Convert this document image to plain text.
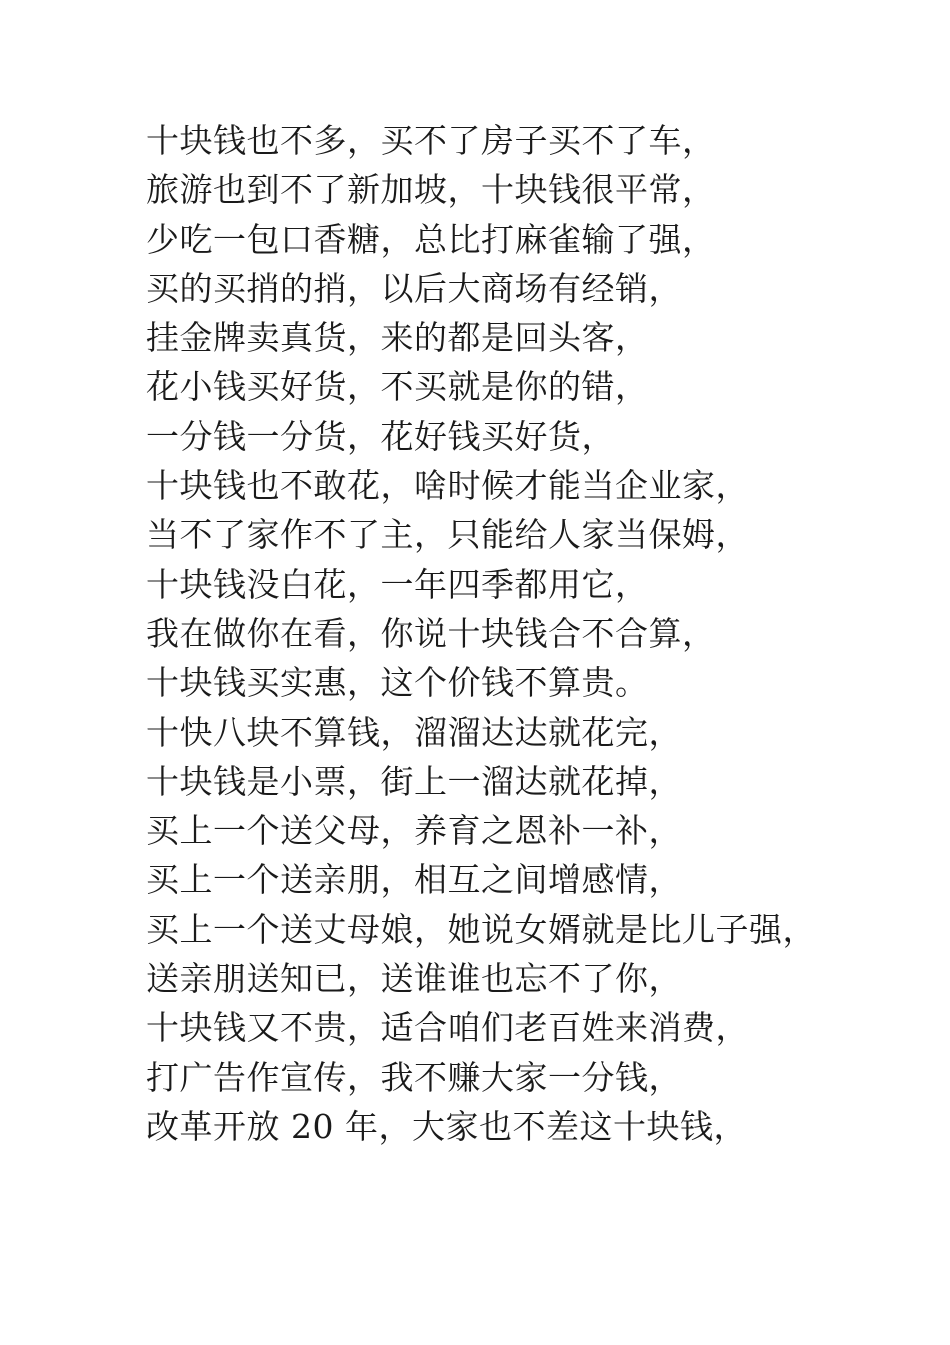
十块钱也不多，买不了房子买不了车，
旅游也到不了新加坡，十块钱很平常，
少吃一包口香糖，总比打麻雀输了强，
买的买捎的捎，以后大商场有经销，
挂金牌卖真货，来的都是回头客，
花小钱买好货，不买就是你的错，
一分钱一分货，花好钱买好货，
十块钱也不敢花，啥时候才能当企业家，
当不了家作不了主，只能给人家当保姆，
十块钱没白花，一年四季都用它，
我在做你在看，你说十块钱合不合算，
十块钱买实惠，这个价钱不算贵。
十快八块不算钱，溜溜达达就花完，
十块钱是小票，街上一溜达就花掉，
买上一个送父母，养育之恩补一补，
买上一个送亲朋，相互之间增感情，
买上一个送丈母娘，她说女婿就是比儿子强，
送亲朋送知已，送谁谁也忘不了你，
十块钱又不贵，适合咱们老百姓来消费，
打广告作宣传，我不赚大家一分钱，
改革开放 20 年，大家也不差这十块钱，
